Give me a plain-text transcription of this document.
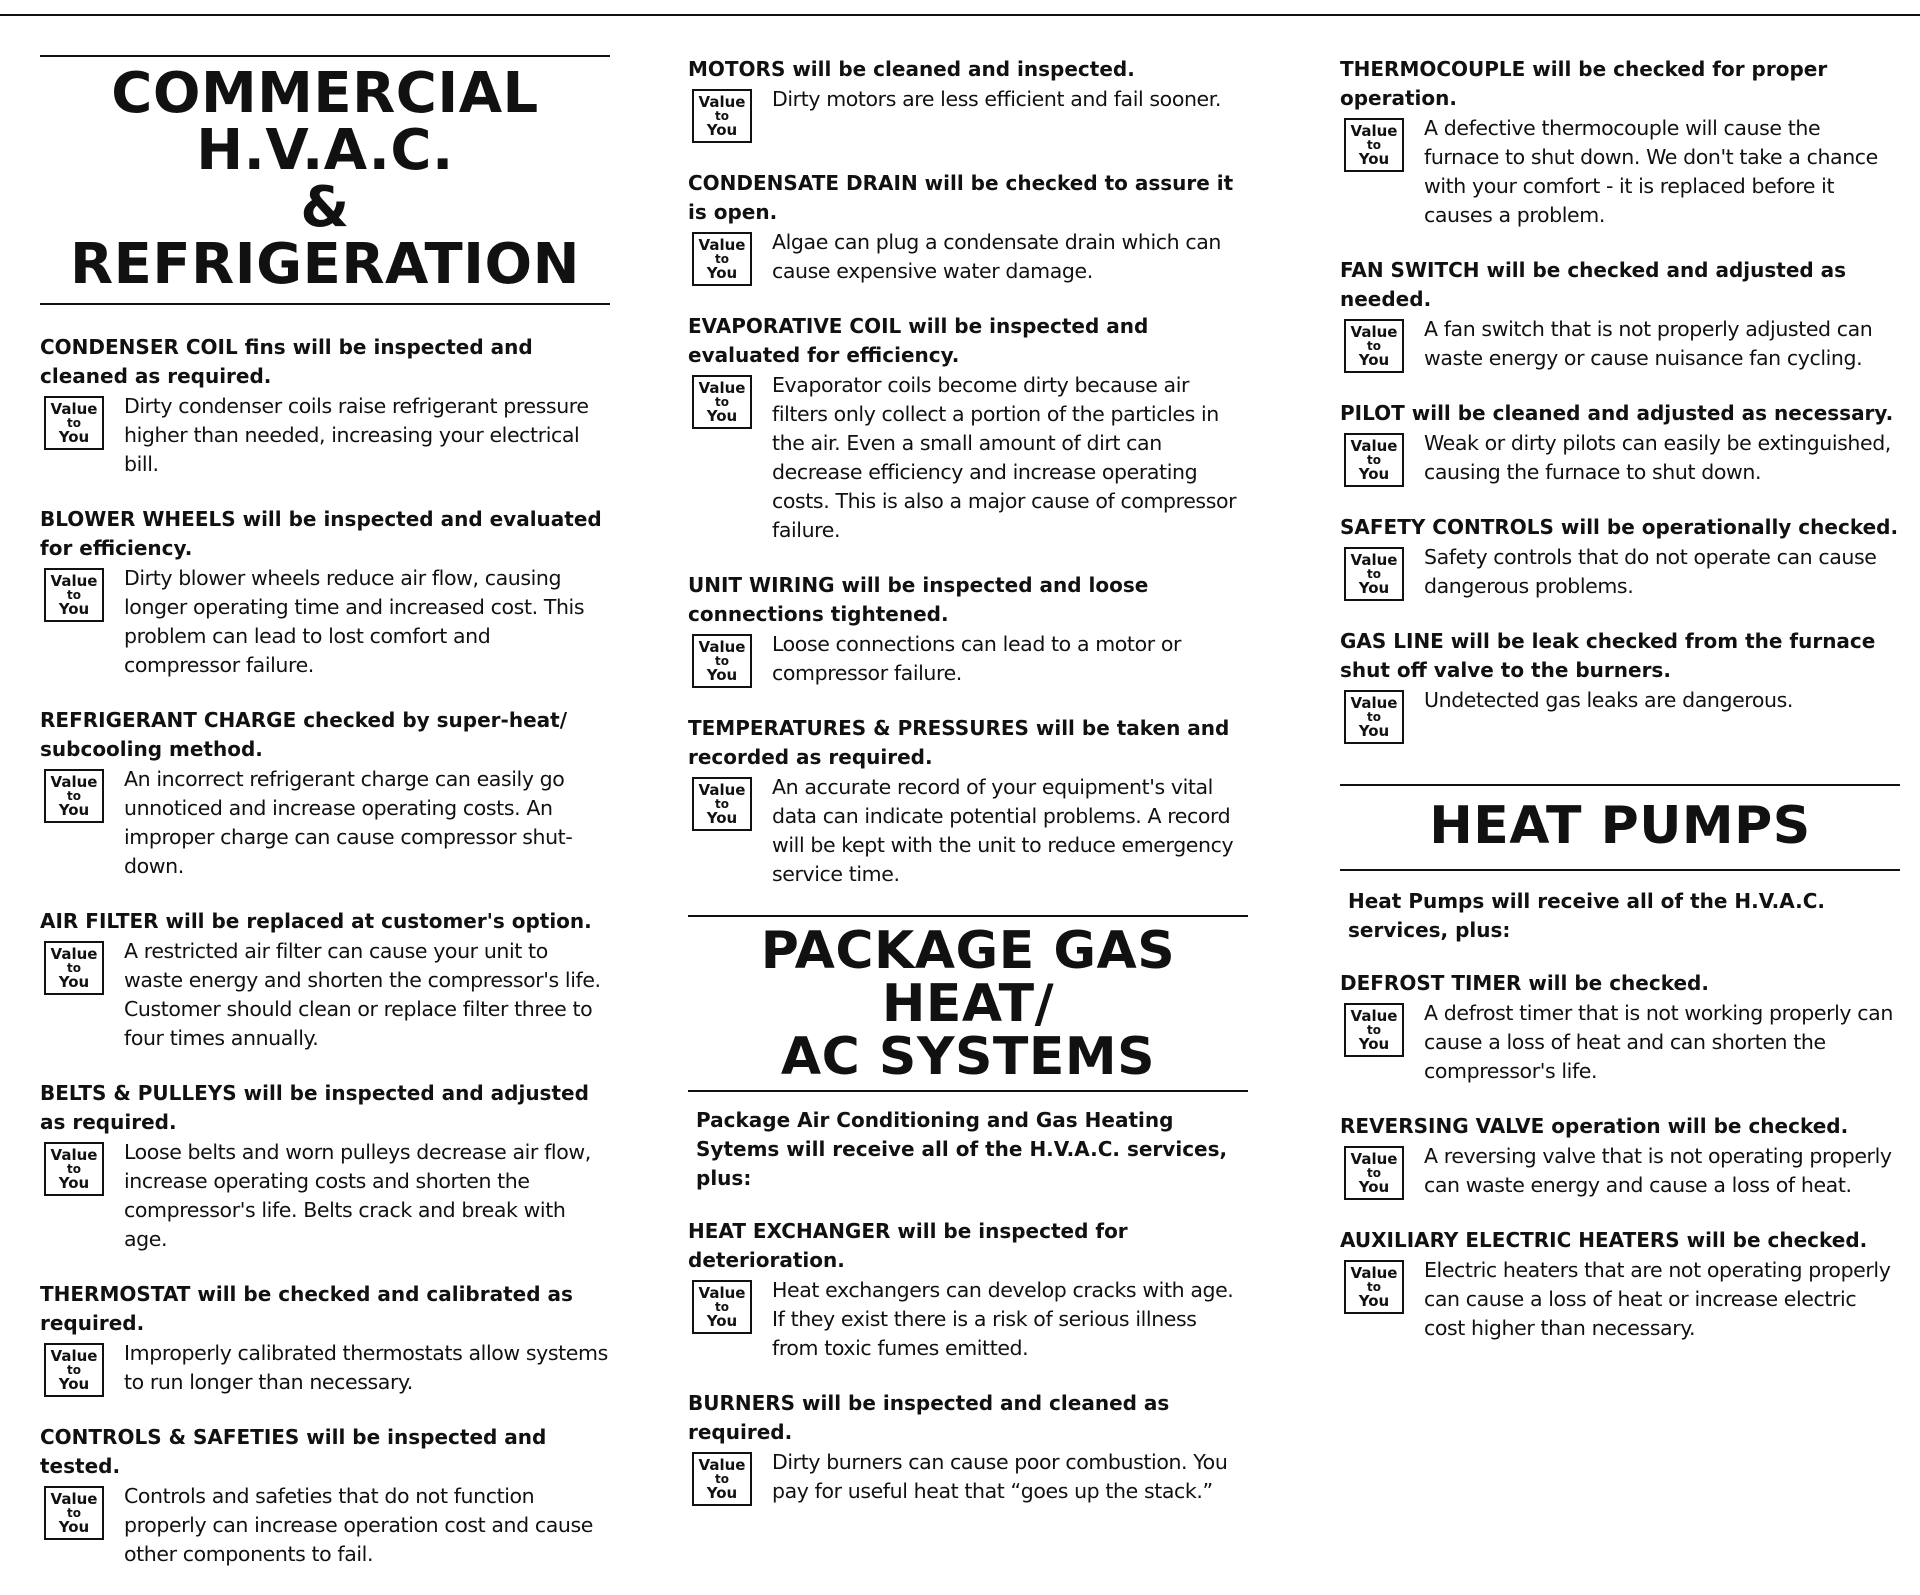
COMMERCIAL H.V.A.C.
& REFRIGERATION
CONDENSER COIL fins will be inspected and cleaned as required.
Value
to
You
Dirty condenser coils raise refrigerant pressure higher than needed, increasing your electrical bill.
BLOWER WHEELS will be inspected and evaluated for efficiency.
Value
to
You
Dirty blower wheels reduce air flow, causing longer operating time and increased cost. This problem can lead to lost comfort and compressor failure.
REFRIGERANT CHARGE checked by super-heat/ subcooling method.
Value
to
You
An incorrect refrigerant charge can easily go unnoticed and increase operating costs. An improper charge can cause compressor shut-down.
AIR FILTER will be replaced at customer's option.
Value
to
You
A restricted air filter can cause your unit to waste energy and shorten the compressor's life. Customer should clean or replace filter three to four times annually.
BELTS & PULLEYS will be inspected and adjusted as required.
Value
to
You
Loose belts and worn pulleys decrease air flow, increase operating costs and shorten the compressor's life. Belts crack and break with age.
THERMOSTAT will be checked and calibrated as required.
Value
to
You
Improperly calibrated thermostats allow systems to run longer than necessary.
CONTROLS & SAFETIES will be inspected and tested.
Value
to
You
Controls and safeties that do not function properly can increase operation cost and cause other components to fail.
MOTORS will be cleaned and inspected.
Value
to
You
Dirty motors are less efficient and fail sooner.
CONDENSATE DRAIN will be checked to assure it is open.
Value
to
You
Algae can plug a condensate drain which can cause expensive water damage.
EVAPORATIVE COIL will be inspected and evaluated for efficiency.
Value
to
You
Evaporator coils become dirty because air filters only collect a portion of the particles in the air. Even a small amount of dirt can decrease efficiency and increase operating costs. This is also a major cause of compressor failure.
UNIT WIRING will be inspected and loose connections tightened.
Value
to
You
Loose connections can lead to a motor or compressor failure.
TEMPERATURES & PRESSURES will be taken and recorded as required.
Value
to
You
An accurate record of your equipment's vital data can indicate potential problems. A record will be kept with the unit to reduce emergency service time.
PACKAGE GAS HEAT/
AC SYSTEMS
Package Air Conditioning and Gas Heating Sytems will receive all of the H.V.A.C. services, plus:
HEAT EXCHANGER will be inspected for deterioration.
Value
to
You
Heat exchangers can develop cracks with age. If they exist there is a risk of serious illness from toxic fumes emitted.
BURNERS will be inspected and cleaned as required.
Value
to
You
Dirty burners can cause poor combustion. You pay for useful heat that “goes up the stack.”
THERMOCOUPLE will be checked for proper operation.
Value
to
You
A defective thermocouple will cause the furnace to shut down. We don't take a chance with your comfort - it is replaced before it causes a problem.
FAN SWITCH will be checked and adjusted as needed.
Value
to
You
A fan switch that is not properly adjusted can waste energy or cause nuisance fan cycling.
PILOT will be cleaned and adjusted as necessary.
Value
to
You
Weak or dirty pilots can easily be extinguished, causing the furnace to shut down.
SAFETY CONTROLS will be operationally checked.
Value
to
You
Safety controls that do not operate can cause dangerous problems.
GAS LINE will be leak checked from the furnace shut off valve to the burners.
Value
to
You
Undetected gas leaks are dangerous.
HEAT PUMPS
Heat Pumps will receive all of the H.V.A.C. services, plus:
DEFROST TIMER will be checked.
Value
to
You
A defrost timer that is not working properly can cause a loss of heat and can shorten the compressor's life.
REVERSING VALVE operation will be checked.
Value
to
You
A reversing valve that is not operating properly can waste energy and cause a loss of heat.
AUXILIARY ELECTRIC HEATERS will be checked.
Value
to
You
Electric heaters that are not operating properly can cause a loss of heat or increase electric cost higher than necessary.
